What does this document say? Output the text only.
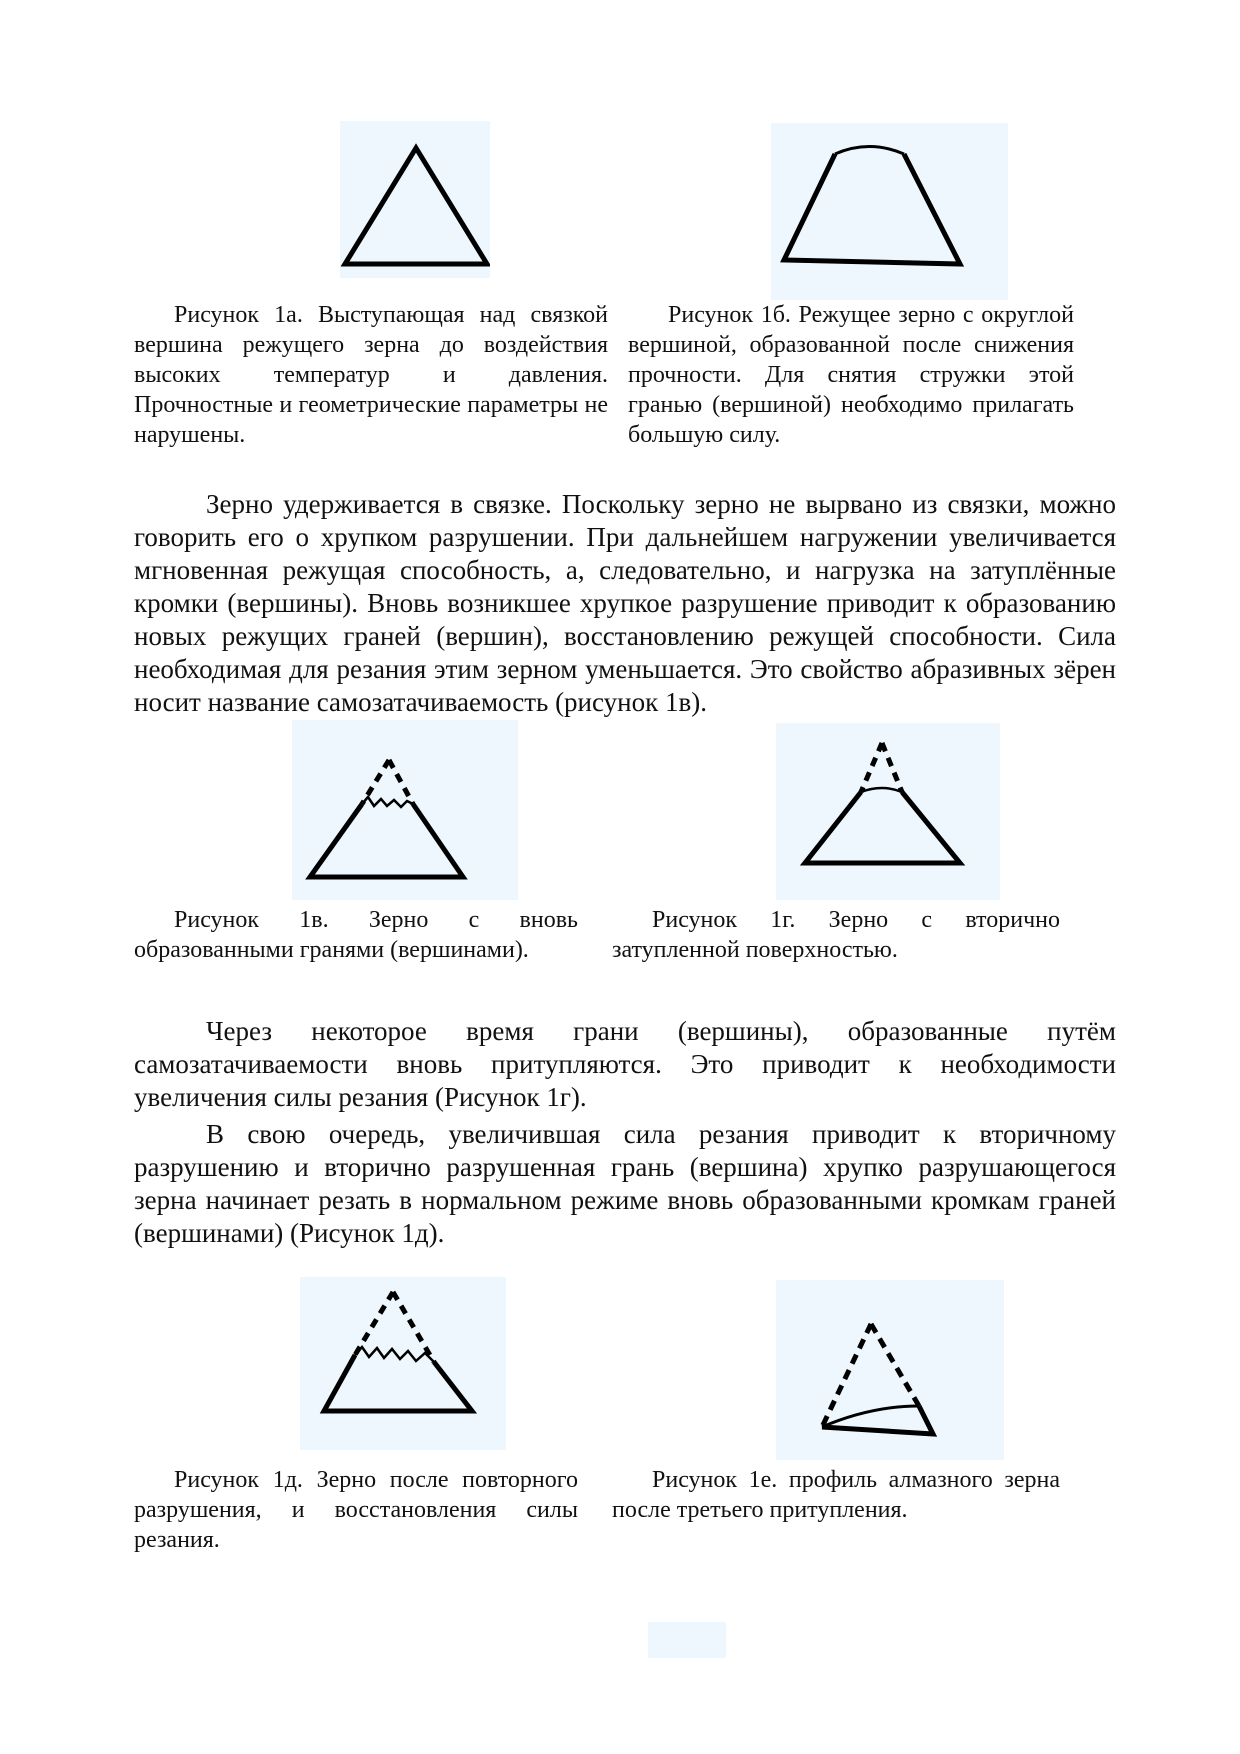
Рисунок 1а. Выступающая над связкой вершина режущего зерна до воздействия высоких температур и давления. Прочностные и геометрические параметры не нарушены.

Рисунок 1б. Режущее зерно с округлой вершиной, образованной после снижения прочности. Для снятия стружки этой гранью (вершиной) необходимо прилагать большую силу.

Зерно удерживается в связке. Поскольку зерно не вырвано из связки, можно говорить его о хрупком разрушении. При дальнейшем нагружении увеличивается мгновенная режущая способность, а, следовательно, и нагрузка на затуплённые кромки (вершины). Вновь возникшее хрупкое разрушение приводит к образованию новых режущих граней (вершин), восстановлению режущей способности. Сила необходимая для резания этим зерном уменьшается. Это свойство абразивных зёрен носит название самозатачиваемость (рисунок 1в).

Рисунок 1в. Зерно с вновь образованными гранями (вершинами).

Рисунок 1г. Зерно с вторично затупленной поверхностью.

Через некоторое время грани (вершины), образованные путём самозатачиваемости вновь притупляются. Это приводит к необходимости увеличения силы резания (Рисунок 1г).

В свою очередь, увеличившая сила резания приводит к вторичному разрушению и вторично разрушенная грань (вершина) хрупко разрушающегося зерна начинает резать в нормальном режиме вновь образованными кромкам граней (вершинами) (Рисунок 1д).

Рисунок 1д. Зерно после повторного разрушения, и восстановления силы резания.

Рисунок 1е. профиль алмазного зерна после третьего притупления.
